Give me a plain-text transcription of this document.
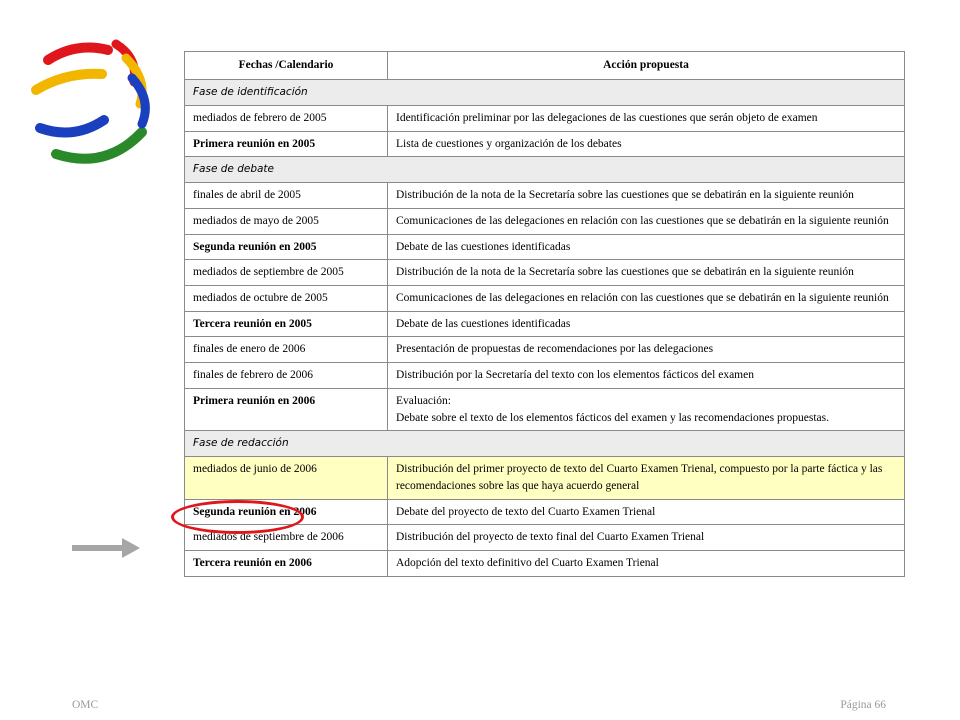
Fechas /Calendario	Acción propuesta
Fase de identificación	
mediados de febrero de 2005	Identificación preliminar por las delegaciones de las cuestiones que serán objeto de examen
Primera reunión en 2005	Lista de cuestiones y organización de los debates
Fase de debate	
finales de abril de 2005	Distribución de la nota de la Secretaría sobre las cuestiones que se debatirán en la siguiente reunión
mediados de mayo de 2005	Comunicaciones de las delegaciones en relación con las cuestiones que se debatirán en la siguiente reunión
Segunda reunión en 2005	Debate de las cuestiones identificadas
mediados de septiembre de 2005	Distribución de la nota de la Secretaría sobre las cuestiones que se debatirán en la siguiente reunión
mediados de octubre de 2005	Comunicaciones de las delegaciones en relación con las cuestiones que se debatirán en la siguiente reunión
Tercera reunión en 2005	Debate de las cuestiones identificadas
finales de enero de 2006	Presentación de propuestas de recomendaciones por las delegaciones
finales de febrero de 2006	Distribución por la Secretaría del texto con los elementos fácticos del examen
Primera reunión en 2006	Evaluación:
Debate sobre el texto de los elementos fácticos del examen y las recomendaciones propuestas.
Fase de redacción	
mediados de junio de 2006	Distribución del primer proyecto de texto del Cuarto Examen Trienal, compuesto por la parte fáctica y las recomendaciones sobre las que haya acuerdo general
Segunda reunión en 2006	Debate del proyecto de texto del Cuarto Examen Trienal
mediados de septiembre de 2006	Distribución del proyecto de texto final del Cuarto Examen Trienal
Tercera reunión en 2006	Adopción del texto definitivo del Cuarto Examen Trienal
OMC	Página 66
